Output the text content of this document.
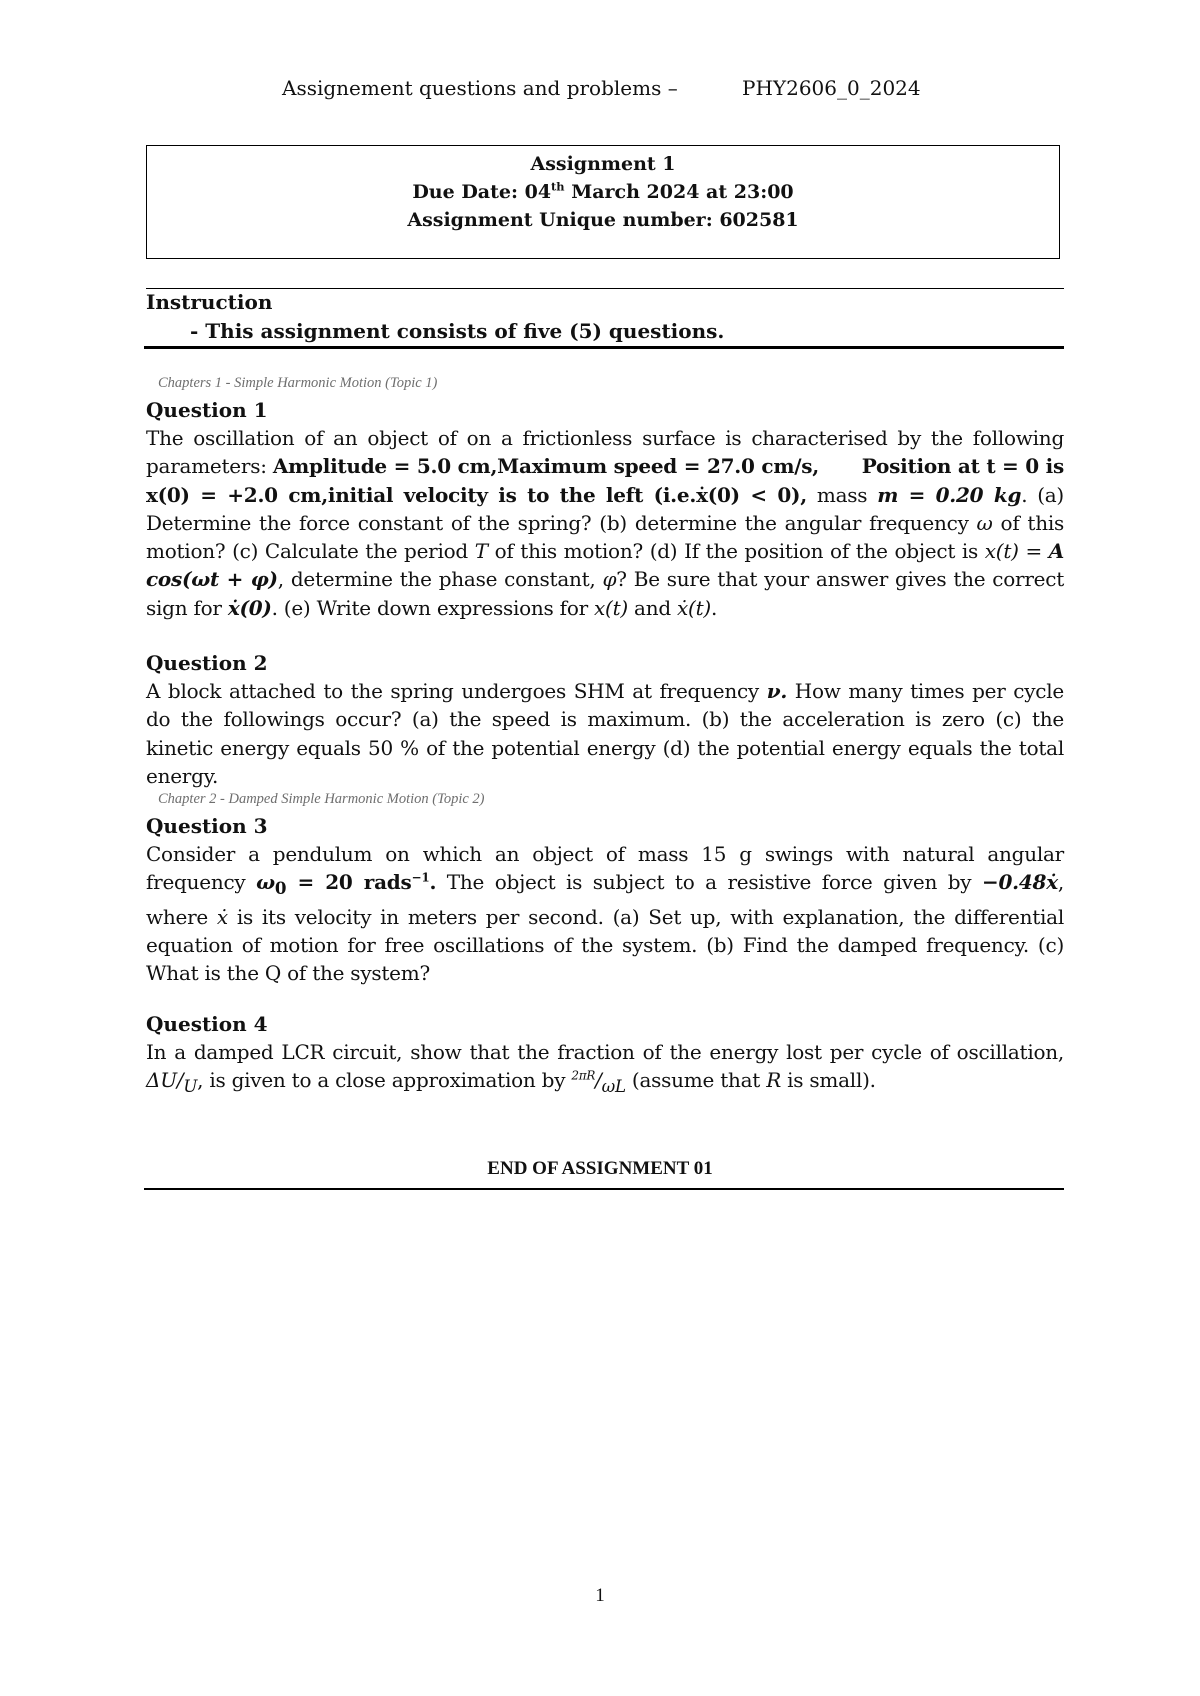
Assignement questions and problems –	PHY2606_0_2024
Assignment 1
Due Date: 04th March 2024 at 23:00
Assignment Unique number: 602581
Instruction
- This assignment consists of five (5) questions.
Chapters 1 - Simple Harmonic Motion (Topic 1)
Question 1
The oscillation of an object of on a frictionless surface is characterised by the following parameters: Amplitude = 5.0 cm,Maximum speed = 27.0 cm/s, Position at t = 0 is x(0) = +2.0 cm,initial velocity is to the left (i.e.ẋ(0) < 0), mass m = 0.20 kg. (a) Determine the force constant of the spring? (b) determine the angular frequency ω of this motion? (c) Calculate the period T of this motion? (d) If the position of the object is x(t) = A cos(ωt + φ), determine the phase constant, φ? Be sure that your answer gives the correct sign for ẋ(0). (e) Write down expressions for x(t) and ẋ(t).
Question 2
A block attached to the spring undergoes SHM at frequency ν. How many times per cycle do the followings occur? (a) the speed is maximum. (b) the acceleration is zero (c) the kinetic energy equals 50 % of the potential energy (d) the potential energy equals the total energy.
Chapter 2 - Damped Simple Harmonic Motion (Topic 2)
Question 3
Consider a pendulum on which an object of mass 15 g swings with natural angular frequency $\omega_0 = 20$ rads$^{-1}$. The object is subject to a resistive force given by −0.48ẋ, where ẋ is its velocity in meters per second. (a) Set up, with explanation, the differential equation of motion for free oscillations of the system. (b) Find the damped frequency. (c) What is the Q of the system?
Question 4
In a damped LCR circuit, show that the fraction of the energy lost per cycle of oscillation, $\Delta U/_U$, is given to a close approximation by $^{2\pi R}/_{\omega L}$ (assume that R is small).
END OF ASSIGNMENT 01
1
